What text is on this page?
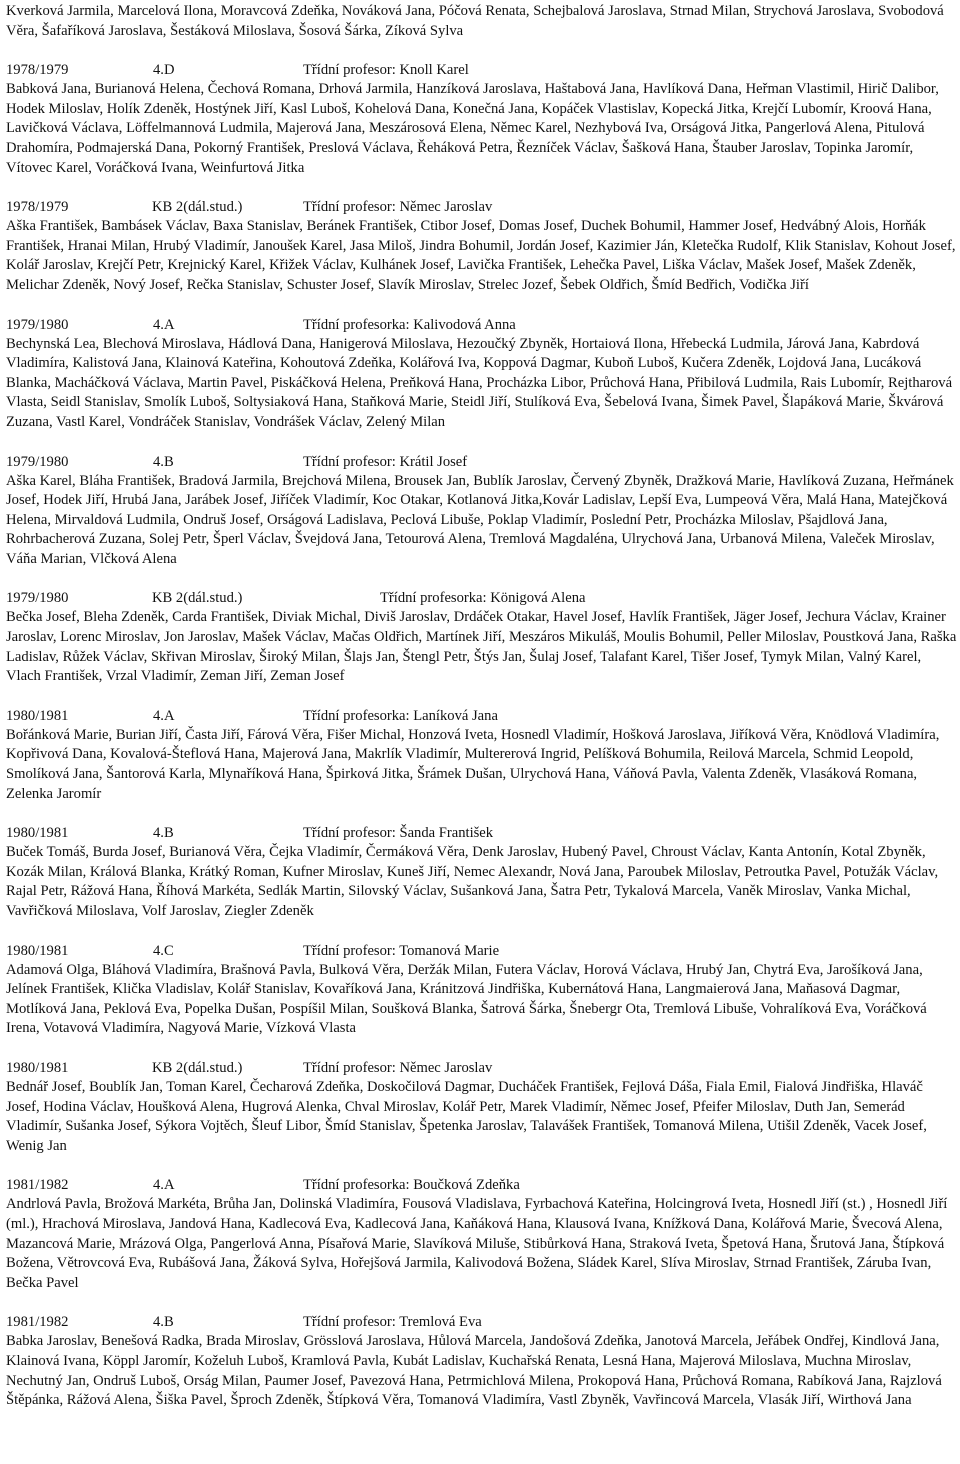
Kverková Jarmila, Marcelová Ilona, Moravcová Zdeňka, Nováková Jana, Póčová Renata, Schejbalová Jaroslava, Strnad Milan, Strychová Jaroslava, Svobodová Věra, Šafaříková Jaroslava, Šestáková Miloslava, Šosová Šárka, Zíková Sylva

1978/1979	4.D	Třídní profesor: Knoll Karel

Babková Jana, Burianová Helena, Čechová Romana, Drhová Jarmila, Hanzíková Jaroslava, Haštabová Jana, Havlíková Dana, Heřman Vlastimil, Hirič Dalibor, Hodek Miloslav, Holík Zdeněk, Hostýnek Jiří, Kasl Luboš, Kohelová Dana, Konečná Jana, Kopáček Vlastislav, Kopecká Jitka, Krejčí Lubomír, Kroová Hana, Lavičková Václava, Löffelmannová Ludmila, Majerová Jana, Meszárosová Elena, Němec Karel, Nezhybová Iva, Orságová Jitka, Pangerlová Alena, Pitulová Drahomíra, Podmajerská Dana, Pokorný František, Preslová Václava, Řeháková Petra, Řezníček Václav, Šašková Hana, Štauber Jaroslav, Topinka Jaromír, Vítovec Karel, Voráčková Ivana, Weinfurtová Jitka

1978/1979	KB 2(dál.stud.)	Třídní profesor: Němec Jaroslav

Aška František, Bambásek Václav, Baxa Stanislav, Beránek František, Ctibor Josef, Domas Josef, Duchek Bohumil, Hammer Josef, Hedvábný Alois, Horňák František, Hranai Milan, Hrubý Vladimír, Janoušek Karel, Jasa Miloš, Jindra Bohumil, Jordán Josef, Kazimier Ján, Kletečka Rudolf, Klik Stanislav, Kohout Josef, Kolář Jaroslav, Krejčí Petr, Krejnický Karel, Křižek Václav, Kulhánek Josef, Lavička František, Lehečka Pavel, Liška Václav, Mašek Josef, Mašek Zdeněk, Melichar Zdeněk, Nový Josef, Rečka Stanislav, Schuster Josef, Slavík Miroslav, Strelec Jozef, Šebek Oldřich, Šmíd Bedřich, Vodička Jiří

1979/1980	4.A	Třídní profesorka: Kalivodová Anna

Bechynská Lea, Blechová Miroslava, Hádlová Dana, Hanigerová Miloslava, Hezoučký Zbyněk, Hortaiová Ilona, Hřebecká Ludmila, Járová Jana, Kabrdová Vladimíra, Kalistová Jana, Klainová Kateřina, Kohoutová Zdeňka, Kolářová Iva, Koppová Dagmar, Kuboň Luboš, Kučera Zdeněk, Lojdová Jana, Lucáková Blanka, Macháčková Václava, Martin Pavel, Piskáčková Helena, Preňková Hana, Procházka Libor, Průchová Hana, Přibilová Ludmila, Rais Lubomír, Rejtharová Vlasta, Seidl Stanislav, Smolík Luboš, Soltysiaková Hana, Staňková Marie, Steidl Jiří, Stulíková Eva, Šebelová Ivana, Šimek Pavel, Šlapáková Marie, Škvárová Zuzana, Vastl Karel, Vondráček Stanislav, Vondrášek Václav, Zelený Milan

1979/1980	4.B	Třídní profesor: Krátil Josef

Aška Karel, Bláha František, Bradová Jarmila, Brejchová Milena, Brousek Jan, Bublík Jaroslav, Červený Zbyněk, Dražková Marie, Havlíková Zuzana, Heřmánek Josef, Hodek Jiří, Hrubá Jana, Jarábek Josef, Jiříček Vladimír, Koc Otakar, Kotlanová Jitka,Kovár Ladislav, Lepší Eva, Lumpeová Věra, Malá Hana, Matejčková Helena, Mirvaldová Ludmila, Ondruš Josef, Orságová Ladislava, Peclová Libuše, Poklap Vladimír, Poslední Petr, Procházka Miloslav, Pšajdlová Jana, Rohrbacherová Zuzana, Solej Petr, Šperl Václav, Švejdová Jana, Tetourová Alena, Tremlová Magdaléna, Ulrychová Jana, Urbanová Milena, Valeček Miroslav, Váňa Marian, Vlčková Alena

1979/1980	KB 2(dál.stud.)	Třídní profesorka: Königová Alena

Bečka Josef, Bleha Zdeněk, Carda František, Diviak Michal, Diviš Jaroslav, Drdáček Otakar, Havel Josef, Havlík František, Jäger Josef, Jechura Václav, Krainer Jaroslav, Lorenc Miroslav, Jon Jaroslav, Mašek Václav, Mačas Oldřich, Martínek Jiří, Meszáros Mikuláš, Moulis Bohumil, Peller Miloslav, Poustková Jana, Raška Ladislav, Růžek Václav, Skřivan Miroslav, Široký Milan, Šlajs Jan, Štengl Petr, Štýs Jan, Šulaj Josef, Talafant Karel, Tišer Josef, Tymyk Milan, Valný Karel, Vlach František, Vrzal Vladimír, Zeman Jiří, Zeman Josef

1980/1981	4.A	Třídní profesorka: Laníková Jana

Bořánková Marie, Burian Jiří, Časta Jiří, Fárová Věra, Fišer Michal, Honzová Iveta, Hosnedl Vladimír, Hošková Jaroslava, Jiříková Věra, Knödlová Vladimíra, Kopřivová Dana, Kovalová-Šteflová Hana, Majerová Jana, Makrlík Vladimír, Multererová Ingrid, Pelíšková Bohumila, Reilová Marcela, Schmid Leopold, Smolíková Jana, Šantorová Karla, Mlynaříková Hana, Špirková Jitka, Šrámek Dušan, Ulrychová Hana, Váňová Pavla, Valenta Zdeněk, Vlasáková Romana, Zelenka Jaromír

1980/1981	4.B	Třídní profesor: Šanda František

Buček Tomáš, Burda Josef, Burianová Věra, Čejka Vladimír, Čermáková Věra, Denk Jaroslav, Hubený Pavel, Chroust Václav, Kanta Antonín, Kotal Zbyněk, Kozák Milan, Králová Blanka, Krátký Roman, Kufner Miroslav, Kuneš Jiří, Nemec Alexandr, Nová Jana, Paroubek Miloslav, Petroutka Pavel, Potužák Václav, Rajal Petr, Rážová Hana, Říhová Markéta, Sedlák Martin, Silovský Václav, Sušanková Jana, Šatra Petr, Tykalová Marcela, Vaněk Miroslav, Vanka Michal, Vavřičková Miloslava, Volf Jaroslav, Ziegler Zdeněk

1980/1981	4.C	Třídní profesor: Tomanová Marie

Adamová Olga, Bláhová Vladimíra, Brašnová Pavla, Bulková Věra, Deržák Milan, Futera Václav, Horová Václava, Hrubý Jan, Chytrá Eva, Jarošíková Jana, Jelínek František, Klička Vladislav, Kolář Stanislav, Kovaříková Jana, Kránitzová Jindřiška, Kubernátová Hana, Langmaierová Jana, Maňasová Dagmar, Motlíková Jana, Peklová Eva, Popelka Dušan, Pospíšil Milan, Soušková Blanka, Šatrová Šárka, Šnebergr Ota, Tremlová Libuše, Vohralíková Eva, Voráčková Irena, Votavová Vladimíra, Nagyová Marie, Vízková Vlasta

1980/1981	KB 2(dál.stud.)	Třídní profesor: Němec Jaroslav

Bednář Josef, Boublík Jan, Toman Karel, Čecharová Zdeňka, Doskočilová Dagmar, Ducháček František, Fejlová Dáša, Fiala Emil, Fialová Jindřiška, Hlaváč Josef, Hodina Václav, Houšková Alena, Hugrová Alenka, Chval Miroslav, Kolář Petr, Marek Vladimír, Němec Josef, Pfeifer Miloslav, Duth Jan, Semerád Vladimír, Sušanka Josef, Sýkora Vojtěch, Šleuf Libor, Šmíd Stanislav, Špetenka Jaroslav, Talavášek František, Tomanová Milena, Utišil Zdeněk, Vacek Josef, Wenig Jan

1981/1982	4.A	Třídní profesorka: Boučková Zdeňka

Andrlová Pavla, Brožová Markéta, Brůha Jan, Dolinská Vladimíra, Fousová Vladislava, Fyrbachová Kateřina, Holcingrová Iveta, Hosnedl Jiří (st.) , Hosnedl Jiří (ml.), Hrachová Miroslava, Jandová Hana, Kadlecová Eva, Kadlecová Jana, Kaňáková Hana, Klausová Ivana, Knížková Dana, Kolářová Marie, Švecová Alena, Mazancová Marie, Mrázová Olga, Pangerlová Anna, Písařová Marie, Slavíková Miluše, Stibůrková Hana, Straková Iveta, Špetová Hana, Šrutová Jana, Štípková Božena, Větrovcová Eva, Rubášová Jana, Žáková Sylva, Hořejšová Jarmila, Kalivodová Božena, Sládek Karel, Slíva Miroslav, Strnad František, Záruba Ivan, Bečka Pavel

1981/1982	4.B	Třídní profesor: Tremlová Eva

Babka Jaroslav, Benešová Radka, Brada Miroslav, Grösslová Jaroslava, Hůlová Marcela, Jandošová Zdeňka, Janotová Marcela, Jeřábek Ondřej, Kindlová Jana, Klainová Ivana, Köppl Jaromír, Koželuh Luboš, Kramlová Pavla, Kubát Ladislav, Kuchařská Renata, Lesná Hana, Majerová Miloslava, Muchna Miroslav, Nechutný Jan, Ondruš Luboš, Orság Milan, Paumer Josef, Pavezová Hana, Petrmichlová Milena, Prokopová Hana, Průchová Romana, Rabíková Jana, Rajzlová Štěpánka, Rážová Alena, Šiška Pavel, Šproch Zdeněk, Štípková Věra, Tomanová Vladimíra, Vastl Zbyněk, Vavřincová Marcela, Vlasák Jiří, Wirthová Jana
